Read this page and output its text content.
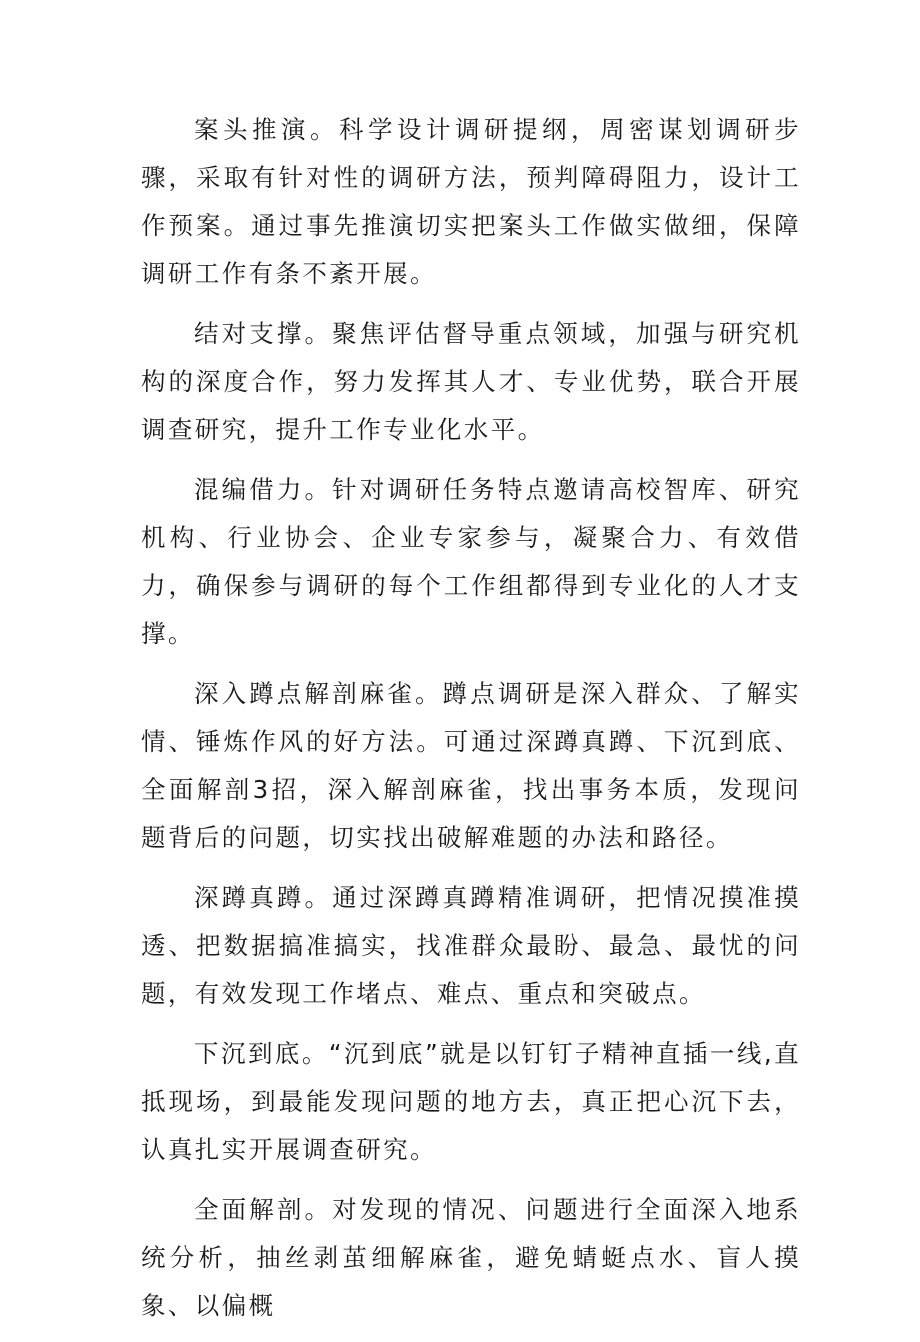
案头推演。科学设计调研提纲，周密谋划调研步骤，采取有针对性的调研方法，预判障碍阻力，设计工作预案。通过事先推演切实把案头工作做实做细，保障调研工作有条不紊开展。

结对支撑。聚焦评估督导重点领域，加强与研究机构的深度合作，努力发挥其人才、专业优势，联合开展调查研究，提升工作专业化水平。

混编借力。针对调研任务特点邀请高校智库、研究机构、行业协会、企业专家参与，凝聚合力、有效借力，确保参与调研的每个工作组都得到专业化的人才支撑。

深入蹲点解剖麻雀。蹲点调研是深入群众、了解实情、锤炼作风的好方法。可通过深蹲真蹲、下沉到底、全面解剖3招，深入解剖麻雀，找出事务本质，发现问题背后的问题，切实找出破解难题的办法和路径。

深蹲真蹲。通过深蹲真蹲精准调研，把情况摸准摸透、把数据搞准搞实，找准群众最盼、最急、最忧的问题，有效发现工作堵点、难点、重点和突破点。

下沉到底。“沉到底”就是以钉钉子精神直插一线,直抵现场，到最能发现问题的地方去，真正把心沉下去，认真扎实开展调查研究。

全面解剖。对发现的情况、问题进行全面深入地系统分析，抽丝剥茧细解麻雀，避免蜻蜓点水、盲人摸象、以偏概
